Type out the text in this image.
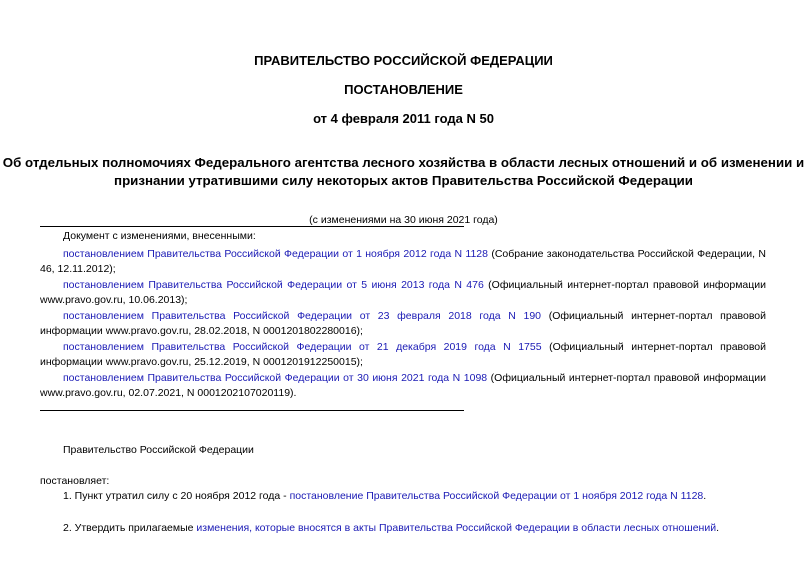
ПРАВИТЕЛЬСТВО РОССИЙСКОЙ ФЕДЕРАЦИИ

ПОСТАНОВЛЕНИЕ

от 4 февраля 2011 года N 50

Об отдельных полномочиях Федерального агентства лесного хозяйства в области лесных отношений и об изменении и признании утратившими силу некоторых актов Правительства Российской Федерации

(с изменениями на 30 июня 2021 года)

Документ с изменениями, внесенными:

постановлением Правительства Российской Федерации от 1 ноября 2012 года N 1128 (Собрание законодательства Российской Федерации, N 46, 12.11.2012);

постановлением Правительства Российской Федерации от 5 июня 2013 года N 476 (Официальный интернет-портал правовой информации www.pravo.gov.ru, 10.06.2013);

постановлением Правительства Российской Федерации от 23 февраля 2018 года N 190 (Официальный интернет-портал правовой информации www.pravo.gov.ru, 28.02.2018, N 0001201802280016);

постановлением Правительства Российской Федерации от 21 декабря 2019 года N 1755 (Официальный интернет-портал правовой информации www.pravo.gov.ru, 25.12.2019, N 0001201912250015);

постановлением Правительства Российской Федерации от 30 июня 2021 года N 1098 (Официальный интернет-портал правовой информации www.pravo.gov.ru, 02.07.2021, N 0001202107020119).

Правительство Российской Федерации

постановляет:

1. Пункт утратил силу с 20 ноября 2012 года - постановление Правительства Российской Федерации от 1 ноября 2012 года N 1128.

2. Утвердить прилагаемые изменения, которые вносятся в акты Правительства Российской Федерации в области лесных отношений.
